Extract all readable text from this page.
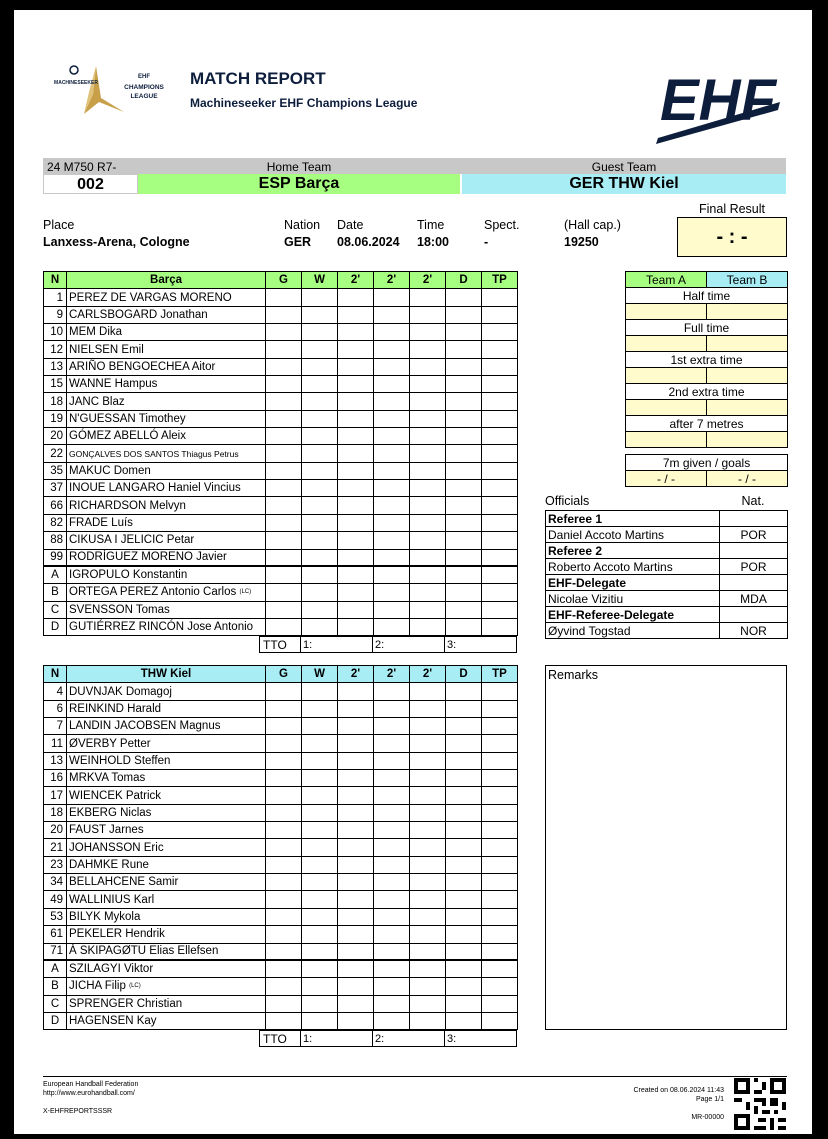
MACHINESEEKER
EHF
CHAMPIONS
LEAGUE
MATCH REPORT
Machineseeker EHF Champions League	EHF
24 M750 R7-	Home Team	Guest Team
002	ESP Barça	GER THW Kiel
Place
Lanxess-Arena, Cologne
Nation
GER
Date
08.06.2024
Time
18:00
Spect.
-
(Hall cap.)
19250
Final Result
- : -
N	Barça	G	W	2'	2'	2'	D	TP
1	PEREZ DE VARGAS MORENO							
9	CARLSBOGARD Jonathan							
10	MEM Dika							
12	NIELSEN Emil							
13	ARIÑO BENGOECHEA Aitor							
15	WANNE Hampus							
18	JANC Blaz							
19	N'GUESSAN Timothey							
20	GÓMEZ ABELLÓ Aleix							
22	GONÇALVES DOS SANTOS Thiagus Petrus							
35	MAKUC Domen							
37	INOUE LANGARO Haniel Vincius							
66	RICHARDSON Melvyn							
82	FRADE Luís							
88	CIKUSA I JELICIC Petar							
99	RODRÍGUEZ MORENO Javier							
A	IGROPULO Konstantin							
B	ORTEGA PEREZ Antonio Carlos (LC)							
C	SVENSSON Tomas							
D	GUTIÉRREZ RINCÓN Jose Antonio							
TTO 1:	2:	3:
N	THW Kiel	G	W	2'	2'	2'	D	TP
4	DUVNJAK Domagoj							
6	REINKIND Harald							
7	LANDIN JACOBSEN Magnus							
11	ØVERBY Petter							
13	WEINHOLD Steffen							
16	MRKVA Tomas							
17	WIENCEK Patrick							
18	EKBERG Niclas							
20	FAUST Jarnes							
21	JOHANSSON Eric							
23	DAHMKE Rune							
34	BELLAHCENE Samir							
49	WALLINIUS Karl							
53	BILYK Mykola							
61	PEKELER Hendrik							
71	Á SKIPAGØTU Elias Ellefsen							
A	SZILAGYI Viktor							
B	JICHA Filip (LC)							
C	SPRENGER Christian							
D	HAGENSEN Kay							
TTO 1:	2:	3:
Team A	Team B
Half time	

Full time	

1st extra time	

2nd extra time	

after 7 metres	

7m given / goals
- / -	- / -
Officials	Nat.
Referee 1	
Daniel Accoto Martins	POR
Referee 2	
Roberto Accoto Martins	POR
EHF-Delegate	
Nicolae Vizitiu	MDA
EHF-Referee-Delegate	
Øyvind Togstad	NOR
Remarks
European Handball Federation
http://www.eurohandball.com/
X-EHFREPORTSSSR
Created on 08.06.2024 11:43
Page 1/1
MR-00000
